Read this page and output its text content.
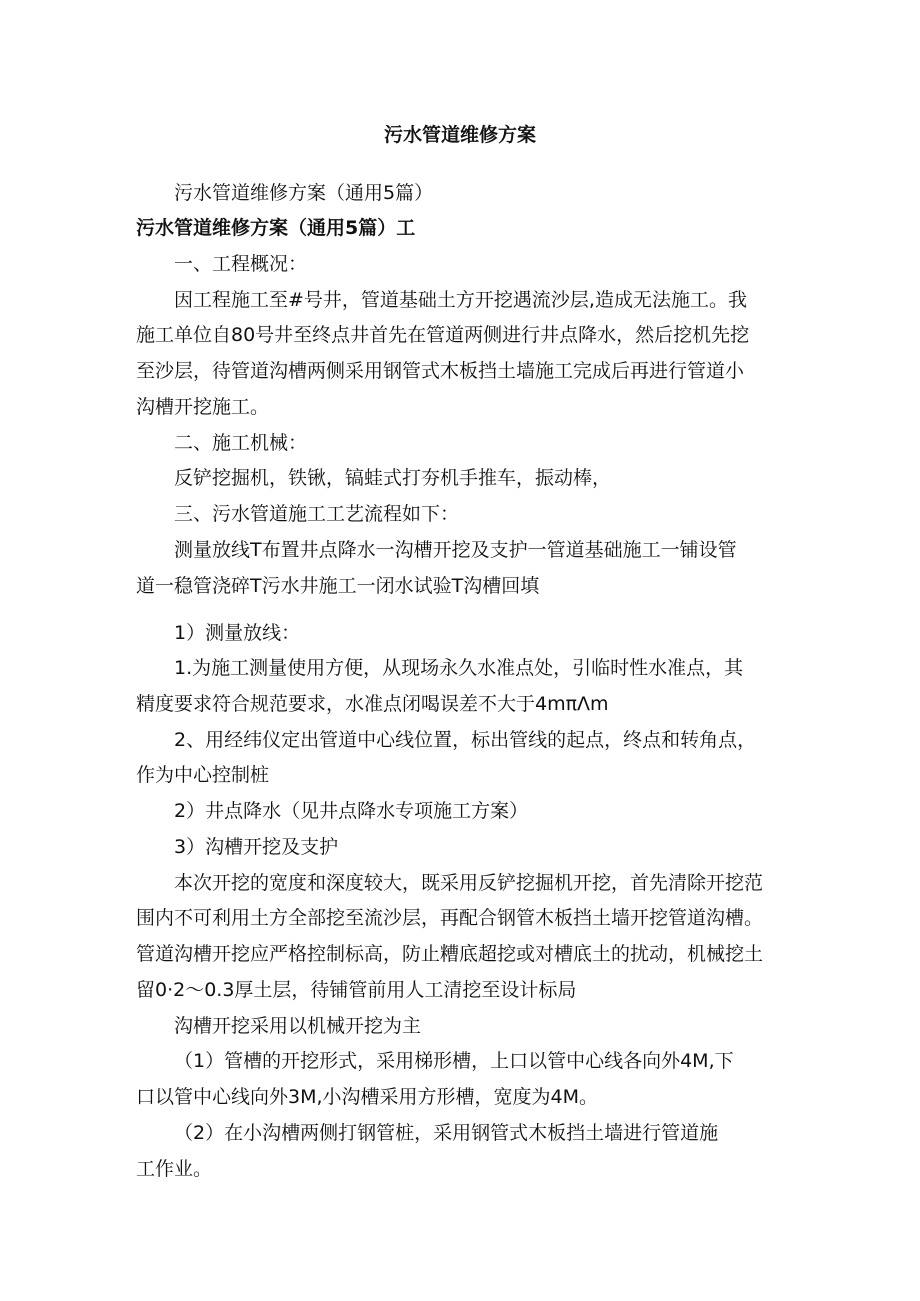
污水管道维修方案
污水管道维修方案（通用5篇）
污水管道维修方案（通用5篇）工
一、工程概况：
因工程施工至#号井，管道基础土方开挖遇流沙层,造成无法施工。我
施工单位自80号井至终点井首先在管道两侧进行井点降水，然后挖机先挖
至沙层，待管道沟槽两侧采用钢管式木板挡土墙施工完成后再进行管道小
沟槽开挖施工。
二、施工机械：
反铲挖掘机，铁锹，镐蛙式打夯机手推车，振动棒，
三、污水管道施工工艺流程如下：
测量放线T布置井点降水一沟槽开挖及支护一管道基础施工一铺设管
道一稳管浇碎T污水井施工一闭水试验T沟槽回填
1）测量放线：
1.为施工测量使用方便，从现场永久水准点处，引临时性水准点，其
精度要求符合规范要求，水准点闭喝误差不大于4mπΛm
2、用经纬仪定出管道中心线位置，标出管线的起点，终点和转角点，
作为中心控制桩
2）井点降水（见井点降水专项施工方案）
3）沟槽开挖及支护
本次开挖的宽度和深度较大，既采用反铲挖掘机开挖，首先清除开挖范
围内不可利用土方全部挖至流沙层，再配合钢管木板挡土墙开挖管道沟槽。
管道沟槽开挖应严格控制标高，防止糟底超挖或对槽底土的扰动，机械挖土
留0·2～0.3厚土层，待铺管前用人工清挖至设计标局
沟槽开挖采用以机械开挖为主
（1）管槽的开挖形式，采用梯形槽，上口以管中心线各向外4M,下
口以管中心线向外3M,小沟槽采用方形槽，宽度为4M。
（2）在小沟槽两侧打钢管桩，采用钢管式木板挡土墙进行管道施
工作业。
